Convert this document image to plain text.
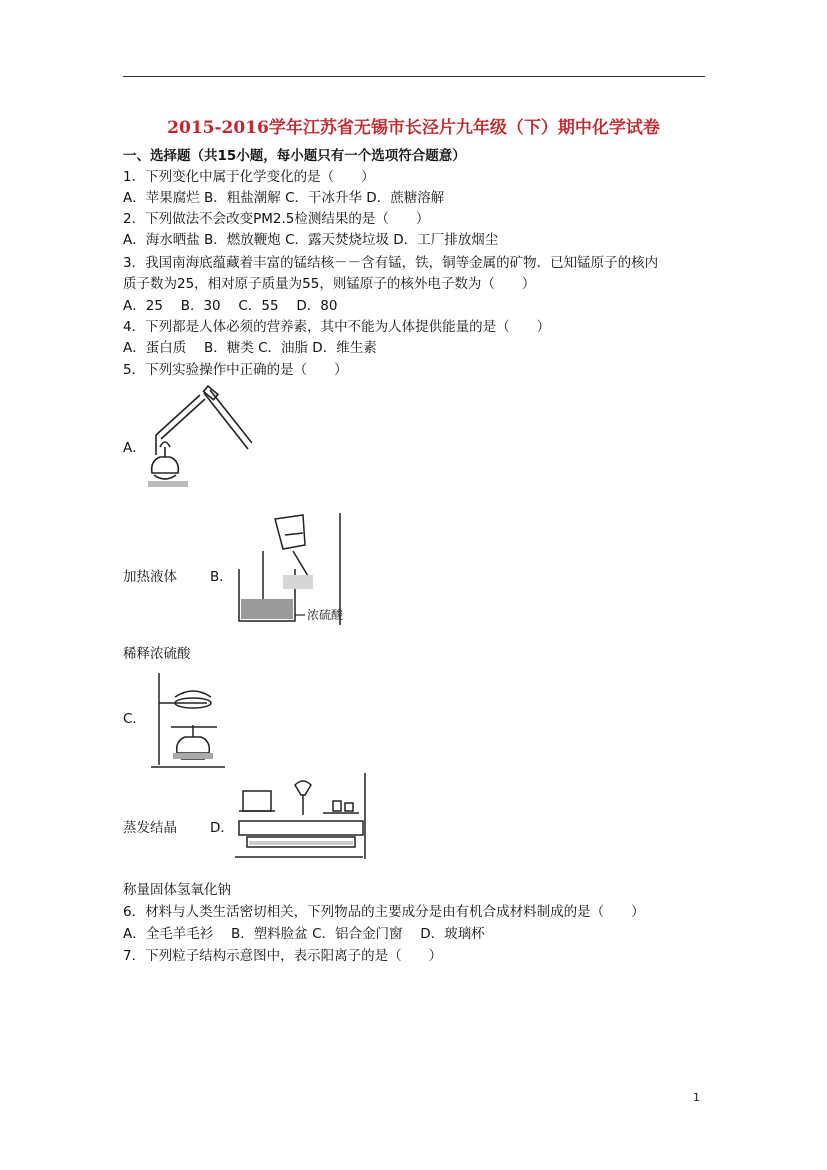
2015-2016学年江苏省无锡市长泾片九年级（下）期中化学试卷
一、选择题（共15小题，每小题只有一个选项符合题意）
1．下列变化中属于化学变化的是（　　）
A．苹果腐烂 B．粗盐潮解 C．干冰升华 D．蔗糖溶解
2．下列做法不会改变PM2.5检测结果的是（　　）
A．海水晒盐 B．燃放鞭炮 C．露天焚烧垃圾 D．工厂排放烟尘
3．我国南海底蕴藏着丰富的锰结核－－含有锰，铁，铜等金属的矿物．已知锰原子的核内
质子数为25，相对原子质量为55，则锰原子的核外电子数为（　　）
A．25　 B．30　 C．55　 D．80
4．下列都是人体必须的营养素，其中不能为人体提供能量的是（　　）
A．蛋白质　 B．糖类 C．油脂 D．维生素
5．下列实验操作中正确的是（　　）
A．
加热液体 B．
浓硫酸
稀释浓硫酸
C．
蒸发结晶 D．
称量固体氢氧化钠
6．材料与人类生活密切相关，下列物品的主要成分是由有机合成材料制成的是（　　）
A．全毛羊毛衫　 B．塑料脸盆 C．铝合金门窗　 D．玻璃杯
7．下列粒子结构示意图中，表示阳离子的是（　　）
1
